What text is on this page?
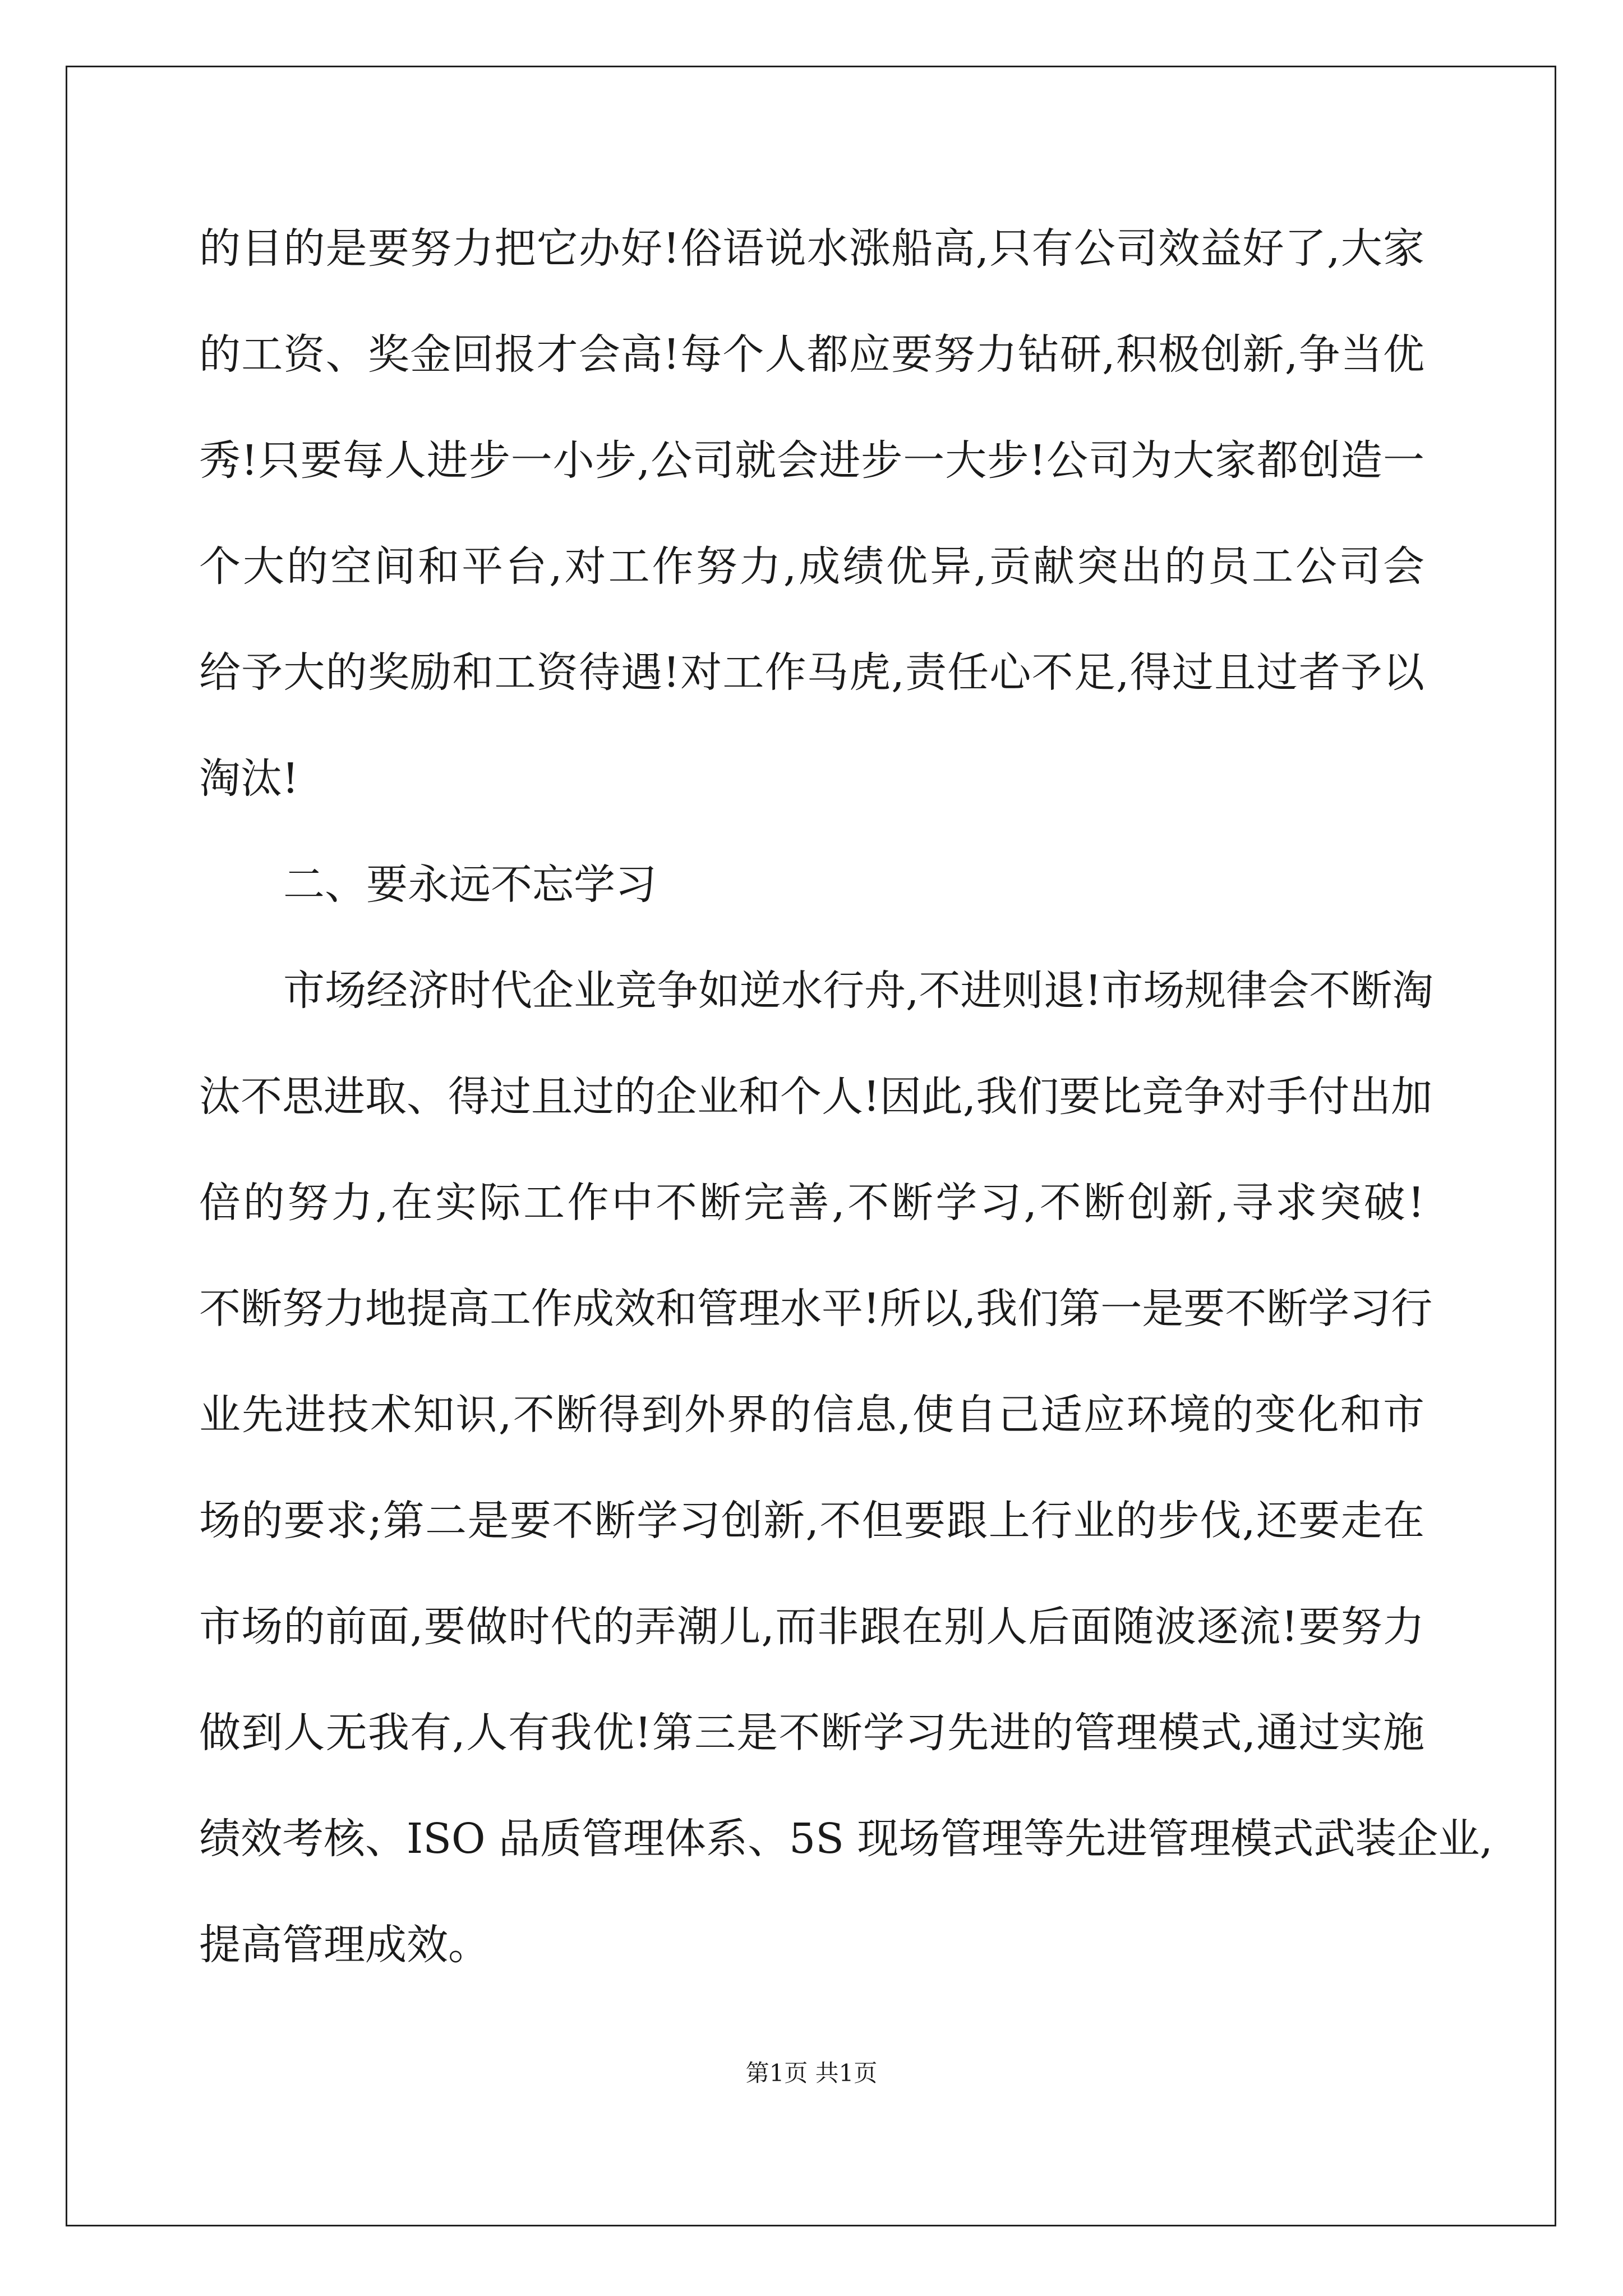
的目的是要努力把它办好!俗语说水涨船高,只有公司效益好了,大家

的工资、奖金回报才会高!每个人都应要努力钻研,积极创新,争当优

秀!只要每人进步一小步,公司就会进步一大步!公司为大家都创造一

个大的空间和平台,对工作努力,成绩优异,贡献突出的员工公司会

给予大的奖励和工资待遇!对工作马虎,责任心不足,得过且过者予以

淘汰!

二、要永远不忘学习

市场经济时代企业竞争如逆水行舟,不进则退!市场规律会不断淘

汰不思进取、得过且过的企业和个人!因此,我们要比竞争对手付出加

倍的努力,在实际工作中不断完善,不断学习,不断创新,寻求突破!

不断努力地提高工作成效和管理水平!所以,我们第一是要不断学习行

业先进技术知识,不断得到外界的信息,使自己适应环境的变化和市

场的要求;第二是要不断学习创新,不但要跟上行业的步伐,还要走在

市场的前面,要做时代的弄潮儿,而非跟在别人后面随波逐流!要努力

做到人无我有,人有我优!第三是不断学习先进的管理模式,通过实施

绩效考核、ISO 品质管理体系、5S 现场管理等先进管理模式武装企业,

提高管理成效。

第1页 共1页
